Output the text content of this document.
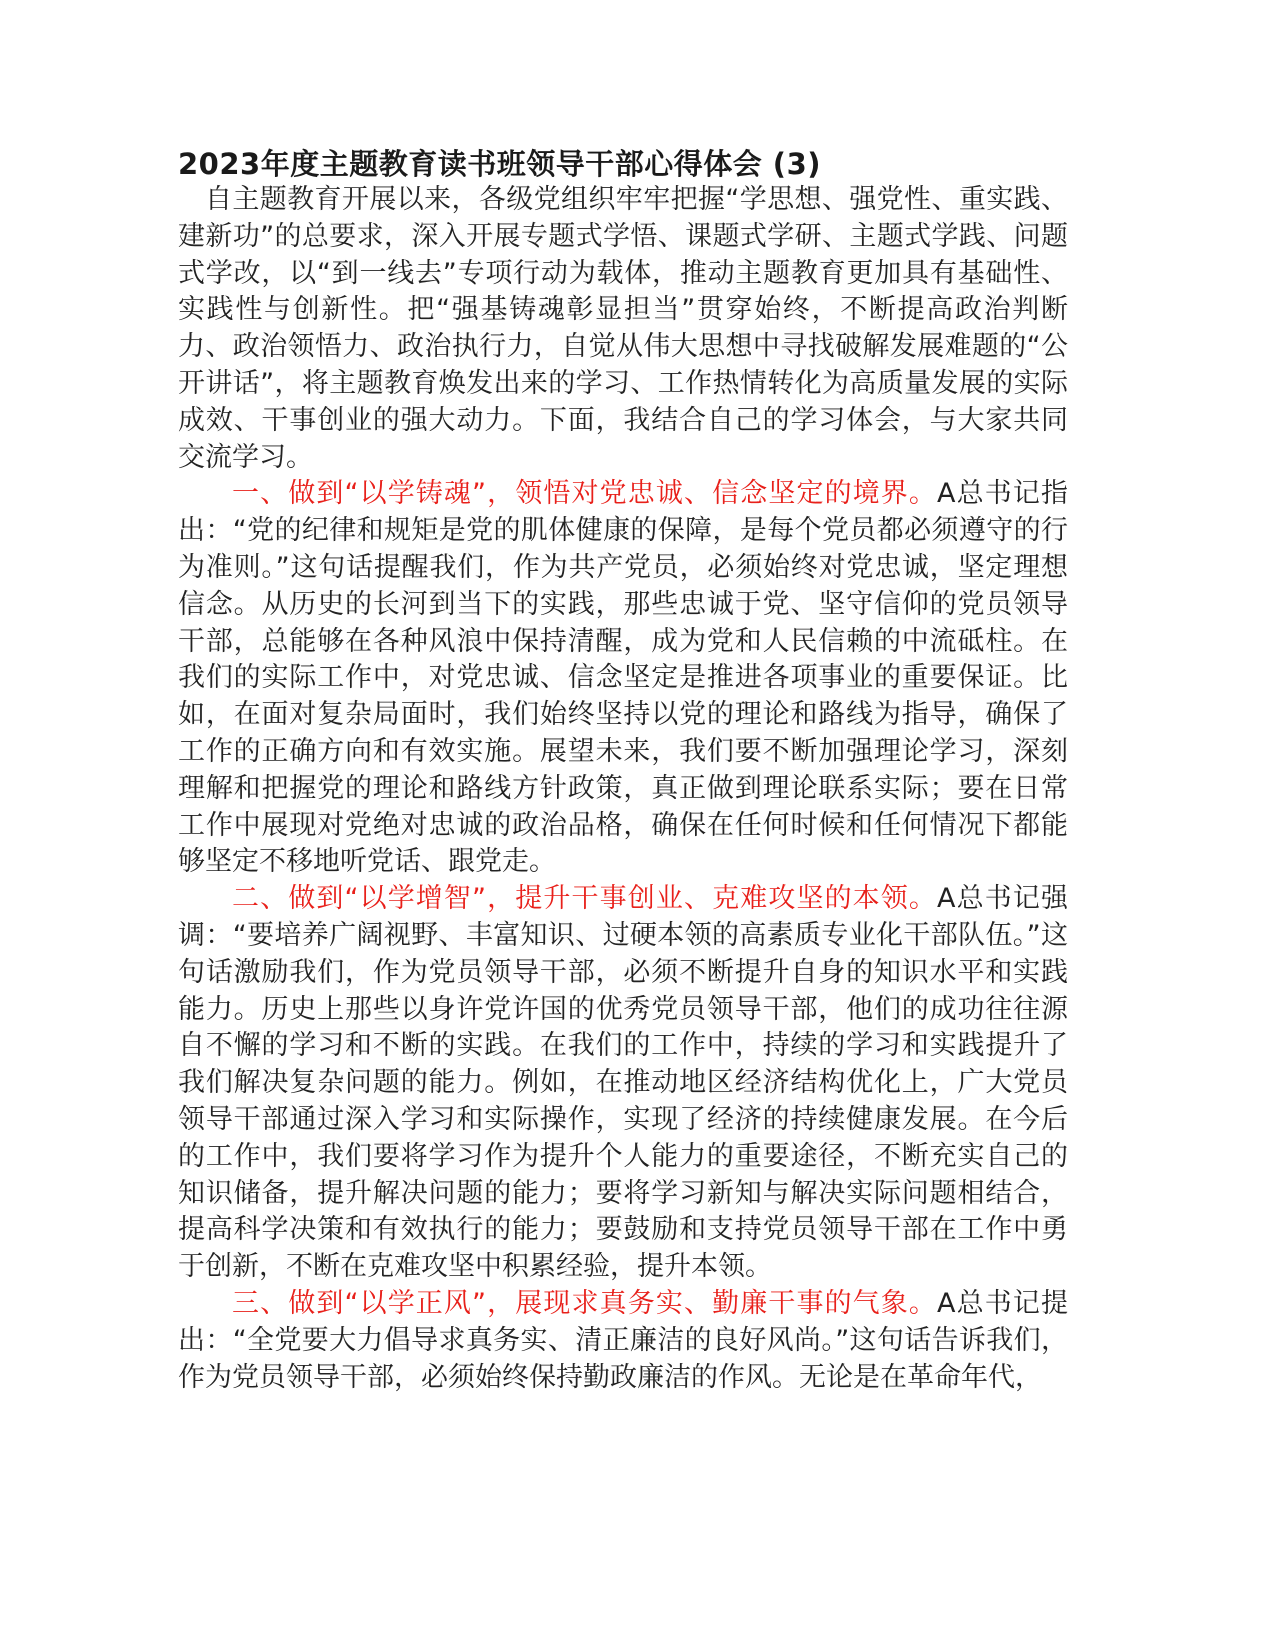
2023年度主题教育读书班领导干部心得体会 (3)

自主题教育开展以来，各级党组织牢牢把握“学思想、强党性、重实践、建新功”的总要求，深入开展专题式学悟、课题式学研、主题式学践、问题式学改，以“到一线去”专项行动为载体，推动主题教育更加具有基础性、实践性与创新性。把“强基铸魂彰显担当”贯穿始终，不断提高政治判断力、政治领悟力、政治执行力，自觉从伟大思想中寻找破解发展难题的“公开讲话”，将主题教育焕发出来的学习、工作热情转化为高质量发展的实际成效、干事创业的强大动力。下面，我结合自己的学习体会，与大家共同交流学习。

一、做到“以学铸魂”，领悟对党忠诚、信念坚定的境界。A总书记指出：“党的纪律和规矩是党的肌体健康的保障，是每个党员都必须遵守的行为准则。”这句话提醒我们，作为共产党员，必须始终对党忠诚，坚定理想信念。从历史的长河到当下的实践，那些忠诚于党、坚守信仰的党员领导干部，总能够在各种风浪中保持清醒，成为党和人民信赖的中流砥柱。在我们的实际工作中，对党忠诚、信念坚定是推进各项事业的重要保证。比如，在面对复杂局面时，我们始终坚持以党的理论和路线为指导，确保了工作的正确方向和有效实施。展望未来，我们要不断加强理论学习，深刻理解和把握党的理论和路线方针政策，真正做到理论联系实际；要在日常工作中展现对党绝对忠诚的政治品格，确保在任何时候和任何情况下都能够坚定不移地听党话、跟党走。

二、做到“以学增智”，提升干事创业、克难攻坚的本领。A总书记强调：“要培养广阔视野、丰富知识、过硬本领的高素质专业化干部队伍。”这句话激励我们，作为党员领导干部，必须不断提升自身的知识水平和实践能力。历史上那些以身许党许国的优秀党员领导干部，他们的成功往往源自不懈的学习和不断的实践。在我们的工作中，持续的学习和实践提升了我们解决复杂问题的能力。例如，在推动地区经济结构优化上，广大党员领导干部通过深入学习和实际操作，实现了经济的持续健康发展。在今后的工作中，我们要将学习作为提升个人能力的重要途径，不断充实自己的知识储备，提升解决问题的能力；要将学习新知与解决实际问题相结合，提高科学决策和有效执行的能力；要鼓励和支持党员领导干部在工作中勇于创新，不断在克难攻坚中积累经验，提升本领。

三、做到“以学正风”，展现求真务实、勤廉干事的气象。A总书记提出：“全党要大力倡导求真务实、清正廉洁的良好风尚。”这句话告诉我们，作为党员领导干部，必须始终保持勤政廉洁的作风。无论是在革命年代，
